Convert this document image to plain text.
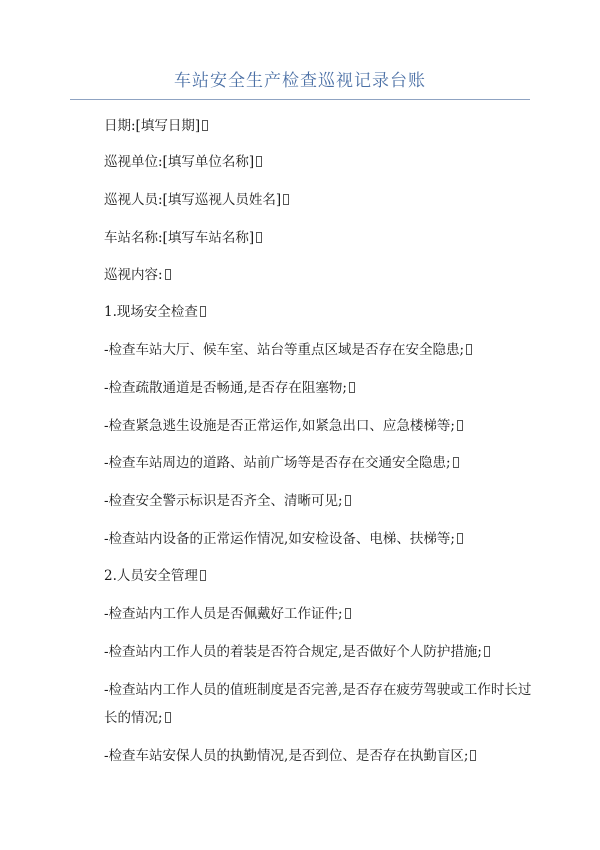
车站安全生产检查巡视记录台账

日期:[填写日期]

巡视单位:[填写单位名称]

巡视人员:[填写巡视人员姓名]

车站名称:[填写车站名称]

巡视内容:

1.现场安全检查

-检查车站大厅、候车室、站台等重点区域是否存在安全隐患;

-检查疏散通道是否畅通,是否存在阻塞物;

-检查紧急逃生设施是否正常运作,如紧急出口、应急楼梯等;

-检查车站周边的道路、站前广场等是否存在交通安全隐患;

-检查安全警示标识是否齐全、清晰可见;

-检查站内设备的正常运作情况,如安检设备、电梯、扶梯等;

2.人员安全管理

-检查站内工作人员是否佩戴好工作证件;

-检查站内工作人员的着装是否符合规定,是否做好个人防护措施;

-检查站内工作人员的值班制度是否完善,是否存在疲劳驾驶或工作时长过长的情况;

-检查车站安保人员的执勤情况,是否到位、是否存在执勤盲区;
